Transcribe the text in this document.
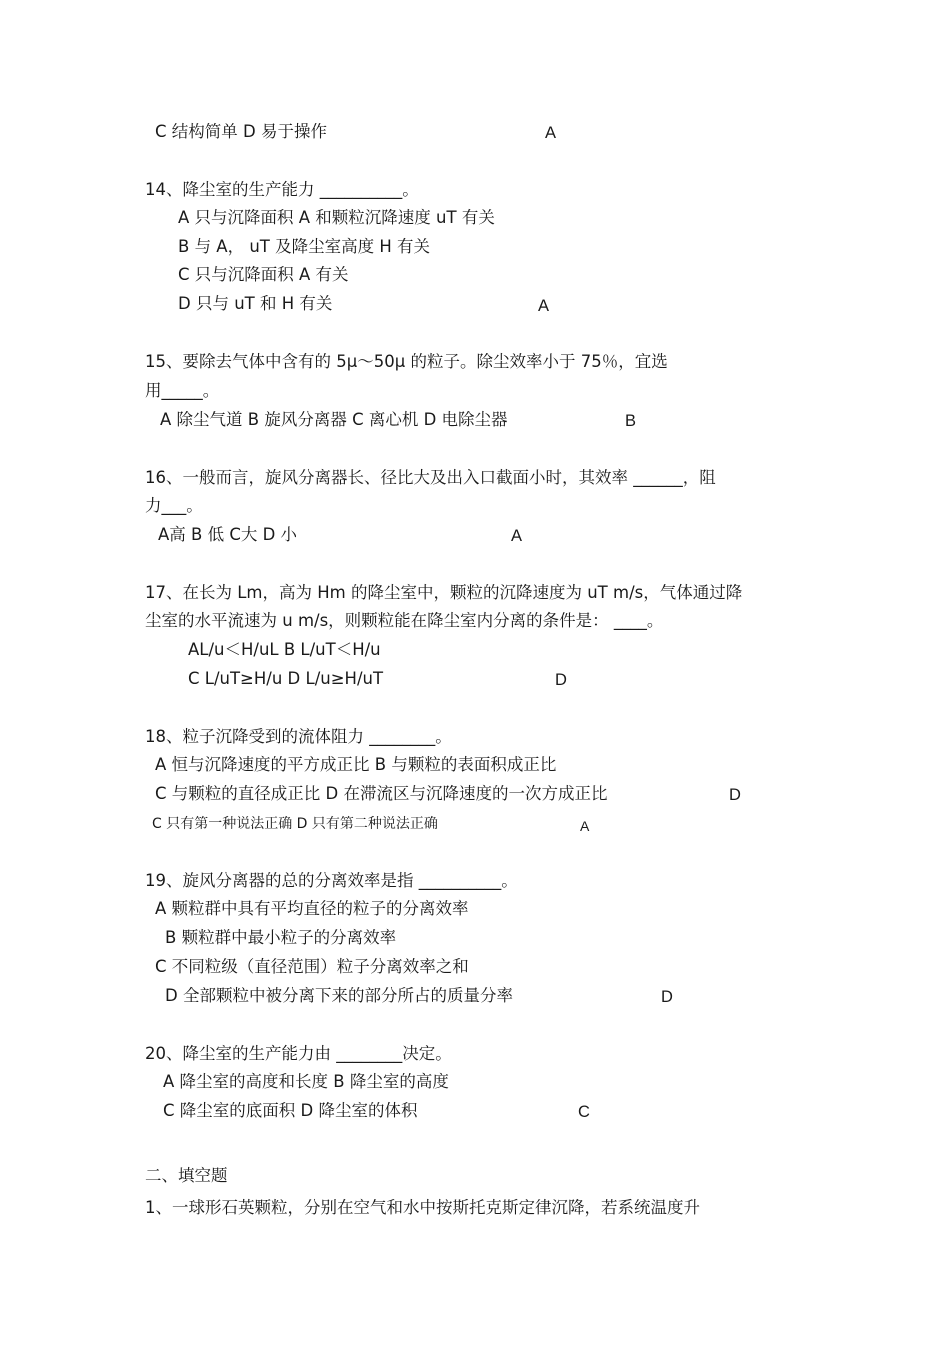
C 结构简单 D 易于操作	A
14、降尘室的生产能力 __________。
A 只与沉降面积 A 和颗粒沉降速度 uT 有关
B 与 A， uT 及降尘室高度 H 有关
C 只与沉降面积 A 有关
D 只与 uT 和 H 有关	A
15、要除去气体中含有的 5μ～50μ 的粒子。除尘效率小于 75％，宜选
用_____。
A 除尘气道 B 旋风分离器 C 离心机 D 电除尘器	B
16、一般而言，旋风分离器长、径比大及出入口截面小时，其效率 ______，阻
力___。
A高 B 低 C大 D 小	A
17、在长为 Lm，高为 Hm 的降尘室中，颗粒的沉降速度为 uT m/s，气体通过降
尘室的水平流速为 u m/s，则颗粒能在降尘室内分离的条件是： ____。
AL/u＜H/uL B L/uT＜H/u
C L/uT≥H/u D L/u≥H/uT	D
18、粒子沉降受到的流体阻力 ________。
A 恒与沉降速度的平方成正比 B 与颗粒的表面积成正比
C 与颗粒的直径成正比 D 在滞流区与沉降速度的一次方成正比	D
C 只有第一种说法正确 D 只有第二种说法正确	A
19、旋风分离器的总的分离效率是指 __________。
A 颗粒群中具有平均直径的粒子的分离效率
B 颗粒群中最小粒子的分离效率
C 不同粒级（直径范围）粒子分离效率之和
D 全部颗粒中被分离下来的部分所占的质量分率	D
20、降尘室的生产能力由 ________决定。
A 降尘室的高度和长度 B 降尘室的高度
C 降尘室的底面积 D 降尘室的体积	C
二、填空题
1、一球形石英颗粒，分别在空气和水中按斯托克斯定律沉降，若系统温度升
